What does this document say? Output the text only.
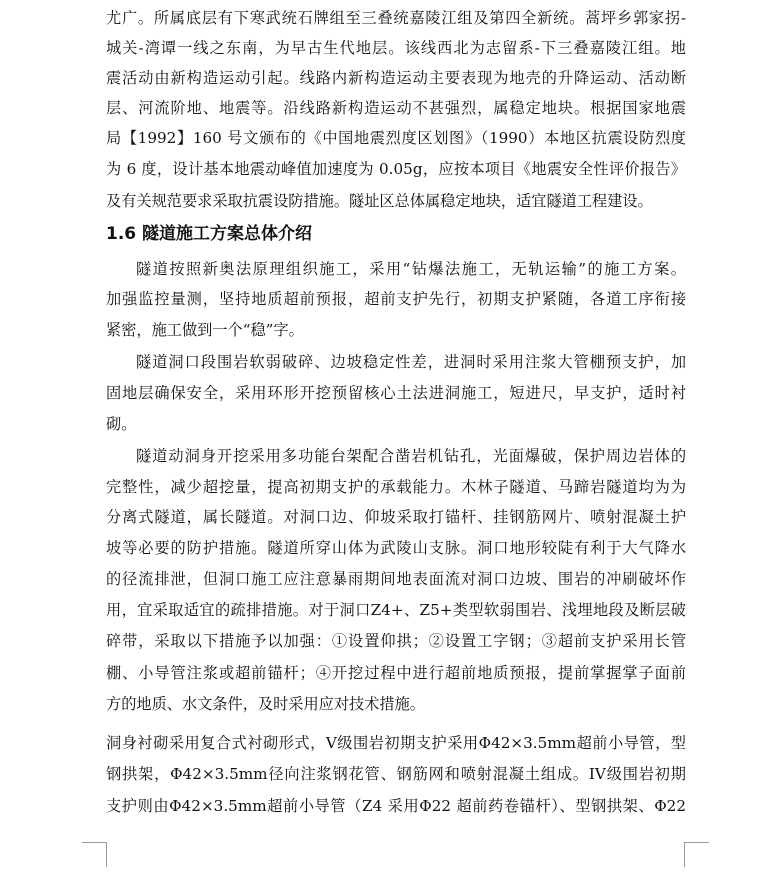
尤广。所属底层有下寒武统石牌组至三叠统嘉陵江组及第四全新统。蒿坪乡郭家拐-
城关-湾谭一线之东南，为早古生代地层。该线西北为志留系-下三叠嘉陵江组。地
震活动由新构造运动引起。线路内新构造运动主要表现为地壳的升降运动、活动断
层、河流阶地、地震等。沿线路新构造运动不甚强烈，属稳定地块。根据国家地震
局【1992】160 号文颁布的《中国地震烈度区划图》（1990）本地区抗震设防烈度
为 6 度，设计基本地震动峰值加速度为 0.05g，应按本项目《地震安全性评价报告》
及有关规范要求采取抗震设防措施。隧址区总体属稳定地块，适宜隧道工程建设。
1.6 隧道施工方案总体介绍
隧道按照新奥法原理组织施工，采用“钻爆法施工，无轨运输”的施工方案。
加强监控量测，坚持地质超前预报，超前支护先行，初期支护紧随，各道工序衔接
紧密，施工做到一个“稳”字。
隧道洞口段围岩软弱破碎、边坡稳定性差，进洞时采用注浆大管棚预支护，加
固地层确保安全，采用环形开挖预留核心土法进洞施工，短进尺，早支护，适时衬
砌。
隧道动洞身开挖采用多功能台架配合凿岩机钻孔，光面爆破，保护周边岩体的
完整性，减少超挖量，提高初期支护的承载能力。木林子隧道、马蹄岩隧道均为为
分离式隧道，属长隧道。对洞口边、仰坡采取打锚杆、挂钢筋网片、喷射混凝土护
坡等必要的防护措施。隧道所穿山体为武陵山支脉。洞口地形较陡有利于大气降水
的径流排泄，但洞口施工应注意暴雨期间地表面流对洞口边坡、围岩的冲刷破坏作
用，宜采取适宜的疏排措施。对于洞口Z4+、Z5+类型软弱围岩、浅埋地段及断层破
碎带，采取以下措施予以加强：①设置仰拱；②设置工字钢；③超前支护采用长管
棚、小导管注浆或超前锚杆；④开挖过程中进行超前地质预报，提前掌握掌子面前
方的地质、水文条件，及时采用应对技术措施。
洞身衬砌采用复合式衬砌形式，V级围岩初期支护采用Φ42×3.5mm超前小导管，型
钢拱架，Φ42×3.5mm径向注浆钢花管、钢筋网和喷射混凝土组成。IV级围岩初期
支护则由Φ42×3.5mm超前小导管（Z4 采用Φ22 超前药卷锚杆）、型钢拱架、Φ22
